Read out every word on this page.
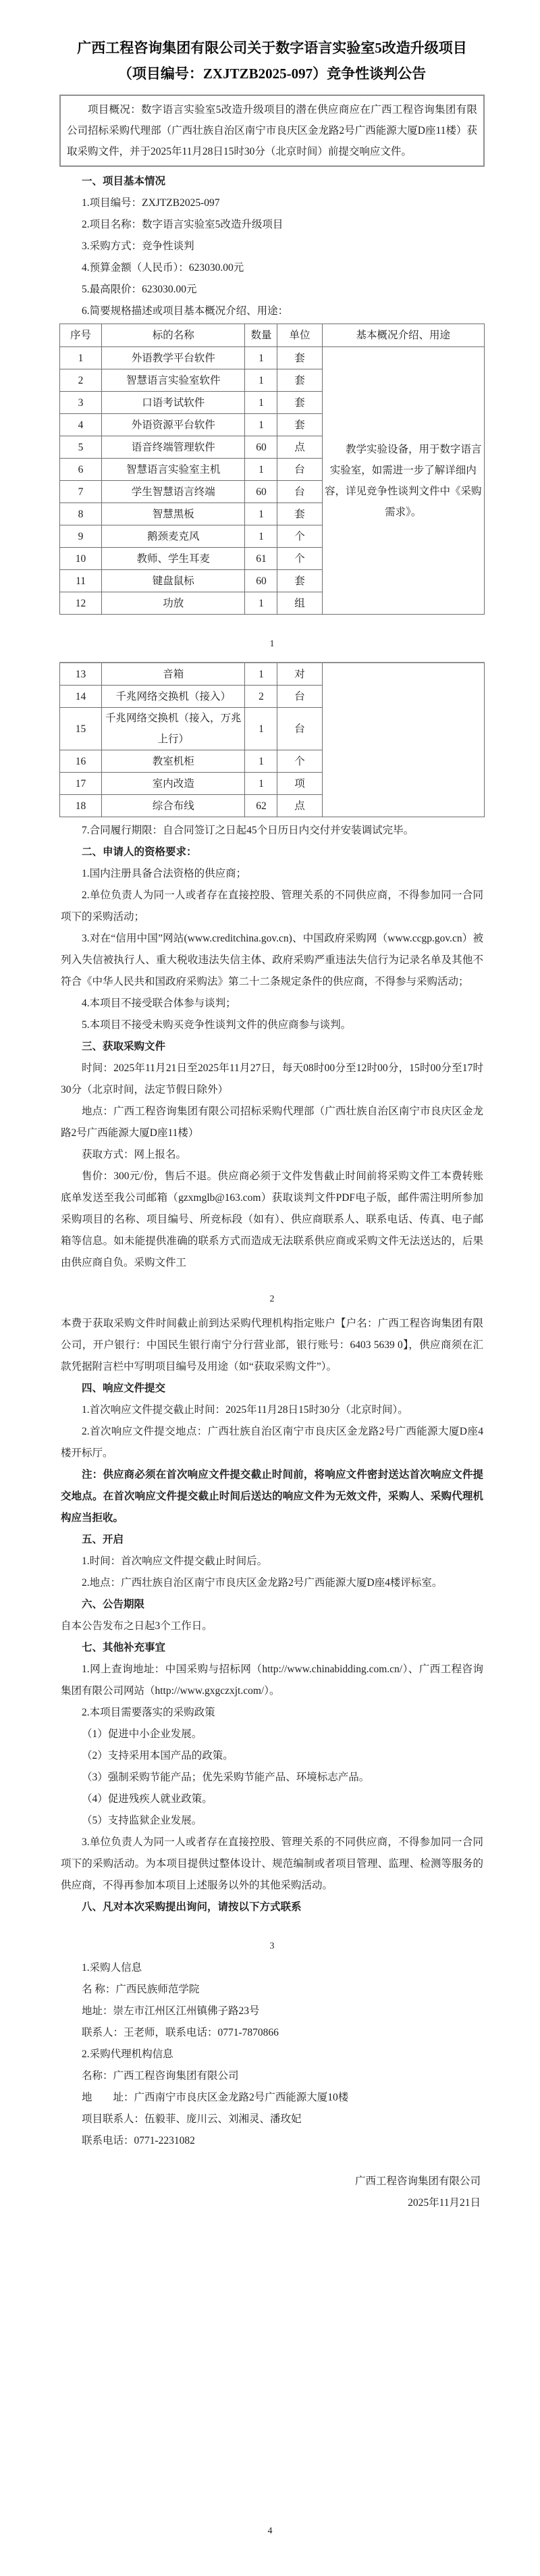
广西工程咨询集团有限公司关于数字语言实验室5改造升级项目
（项目编号：ZXJTZB2025-097）竞争性谈判公告

项目概况：数字语言实验室5改造升级项目的潜在供应商应在广西工程咨询集团有限公司招标采购代理部（广西壮族自治区南宁市良庆区金龙路2号广西能源大厦D座11楼）获取采购文件，并于2025年11月28日15时30分（北京时间）前提交响应文件。

一、项目基本情况
1.项目编号：ZXJTZB2025-097
2.项目名称：数字语言实验室5改造升级项目
3.采购方式：竞争性谈判
4.预算金额（人民币）：623030.00元
5.最高限价：623030.00元
6.简要规格描述或项目基本概况介绍、用途：
序号	标的名称	数量	单位	基本概况介绍、用途
1	外语教学平台软件	1	套	教学实验设备，用于数字语言实验室，如需进一步了解详细内容，详见竞争性谈判文件中《采购需求》。
2	智慧语言实验室软件	1	套	
3	口语考试软件	1	套	
4	外语资源平台软件	1	套	
5	语音终端管理软件	60	点	
6	智慧语言实验室主机	1	台	
7	学生智慧语言终端	60	台	
8	智慧黑板	1	套	
9	鹅颈麦克风	1	个	
10	教师、学生耳麦	61	个	
11	键盘鼠标	60	套	
12	功放	1	组	
1
13	音箱	1	对	
14	千兆网络交换机（接入）	2	台	
15	千兆网络交换机（接入，万兆上行）	1	台	
16	教室机柜	1	个	
17	室内改造	1	项	
18	综合布线	62	点	
7.合同履行期限：自合同签订之日起45个日历日内交付并安装调试完毕。
二、申请人的资格要求：
1.国内注册具备合法资格的供应商；
2.单位负责人为同一人或者存在直接控股、管理关系的不同供应商，不得参加同一合同项下的采购活动；
3.对在“信用中国”网站(www.creditchina.gov.cn)、中国政府采购网（www.ccgp.gov.cn）被列入失信被执行人、重大税收违法失信主体、政府采购严重违法失信行为记录名单及其他不符合《中华人民共和国政府采购法》第二十二条规定条件的供应商，不得参与采购活动；
4.本项目不接受联合体参与谈判；
5.本项目不接受未购买竞争性谈判文件的供应商参与谈判。
三、获取采购文件
时间：2025年11月21日至2025年11月27日，每天08时00分至12时00分，15时00分至17时30分（北京时间，法定节假日除外）
地点：广西工程咨询集团有限公司招标采购代理部（广西壮族自治区南宁市良庆区金龙路2号广西能源大厦D座11楼）
获取方式：网上报名。
售价：300元/份，售后不退。供应商必须于文件发售截止时间前将采购文件工本费转账底单发送至我公司邮箱（gzxmglb@163.com）获取谈判文件PDF电子版，邮件需注明所参加采购项目的名称、项目编号、所竞标段（如有）、供应商联系人、联系电话、传真、电子邮箱等信息。如未能提供准确的联系方式而造成无法联系供应商或采购文件无法送达的，后果由供应商自负。采购文件工
2
本费于获取采购文件时间截止前到达采购代理机构指定账户【户名：广西工程咨询集团有限公司，开户银行：中国民生银行南宁分行营业部，银行账号：6403 5639 0】，供应商须在汇款凭据附言栏中写明项目编号及用途（如“获取采购文件”）。
四、响应文件提交
1.首次响应文件提交截止时间：2025年11月28日15时30分（北京时间）。
2.首次响应文件提交地点：广西壮族自治区南宁市良庆区金龙路2号广西能源大厦D座4楼开标厅。
注：供应商必须在首次响应文件提交截止时间前，将响应文件密封送达首次响应文件提交地点。在首次响应文件提交截止时间后送达的响应文件为无效文件，采购人、采购代理机构应当拒收。
五、开启
1.时间：首次响应文件提交截止时间后。
2.地点：广西壮族自治区南宁市良庆区金龙路2号广西能源大厦D座4楼评标室。
六、公告期限
自本公告发布之日起3个工作日。
七、其他补充事宜
1.网上查询地址：中国采购与招标网（http://www.chinabidding.com.cn/）、广西工程咨询集团有限公司网站（http://www.gxgczxjt.com/）。
2.本项目需要落实的采购政策
（1）促进中小企业发展。
（2）支持采用本国产品的政策。
（3）强制采购节能产品；优先采购节能产品、环境标志产品。
（4）促进残疾人就业政策。
（5）支持监狱企业发展。
3.单位负责人为同一人或者存在直接控股、管理关系的不同供应商，不得参加同一合同项下的采购活动。为本项目提供过整体设计、规范编制或者项目管理、监理、检测等服务的供应商，不得再参加本项目上述服务以外的其他采购活动。
八、凡对本次采购提出询问，请按以下方式联系
3
1.采购人信息
名 称：广西民族师范学院
地址：崇左市江州区江州镇佛子路23号
联系人：王老师，联系电话：0771-7870866
2.采购代理机构信息
名称：广西工程咨询集团有限公司
地　　址：广西南宁市良庆区金龙路2号广西能源大厦10楼
项目联系人：伍毅菲、庞川云、刘湘灵、潘玫妃
联系电话：0771-2231082
广西工程咨询集团有限公司
2025年11月21日
4
